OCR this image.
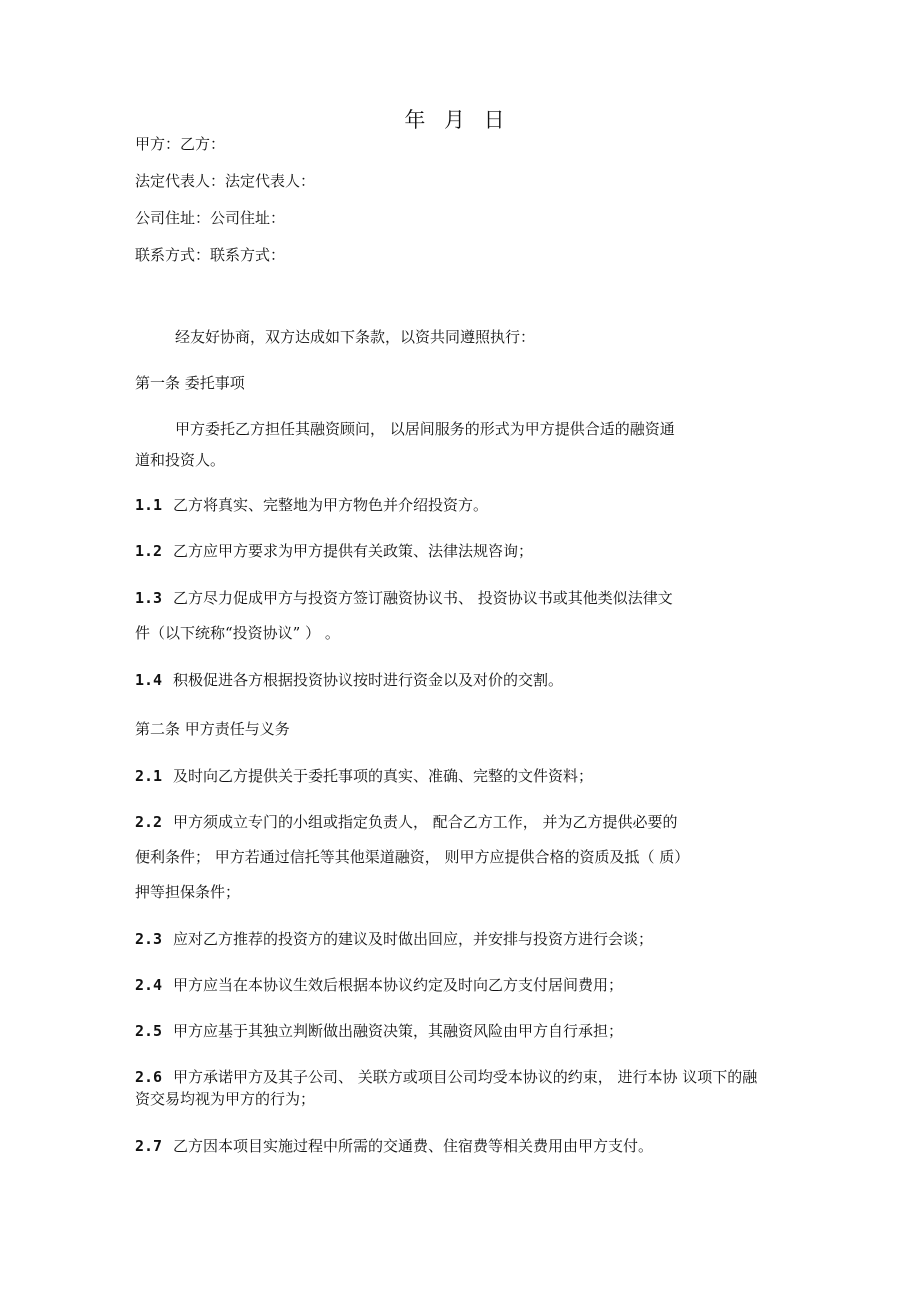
年 月 日
甲方：乙方：
法定代表人：法定代表人：
公司住址：公司住址：
联系方式：联系方式：
经友好协商，双方达成如下条款，以资共同遵照执行：
第一条 委托事项
甲方委托乙方担任其融资顾问， 以居间服务的形式为甲方提供合适的融资通
道和投资人。
1.1 乙方将真实、完整地为甲方物色并介绍投资方。
1.2 乙方应甲方要求为甲方提供有关政策、法律法规咨询；
1.3 乙方尽力促成甲方与投资方签订融资协议书、 投资协议书或其他类似法律文
件（以下统称“投资协议” ） 。
1.4 积极促进各方根据投资协议按时进行资金以及对价的交割。
第二条 甲方责任与义务
2.1 及时向乙方提供关于委托事项的真实、准确、完整的文件资料；
2.2 甲方须成立专门的小组或指定负责人， 配合乙方工作， 并为乙方提供必要的
便利条件； 甲方若通过信托等其他渠道融资， 则甲方应提供合格的资质及抵（ 质）
押等担保条件；
2.3 应对乙方推荐的投资方的建议及时做出回应，并安排与投资方进行会谈；
2.4 甲方应当在本协议生效后根据本协议约定及时向乙方支付居间费用；
2.5 甲方应基于其独立判断做出融资决策，其融资风险由甲方自行承担；
2.6 甲方承诺甲方及其子公司、 关联方或项目公司均受本协议的约束， 进行本协 议项下的融
资交易均视为甲方的行为；
2.7 乙方因本项目实施过程中所需的交通费、住宿费等相关费用由甲方支付。
